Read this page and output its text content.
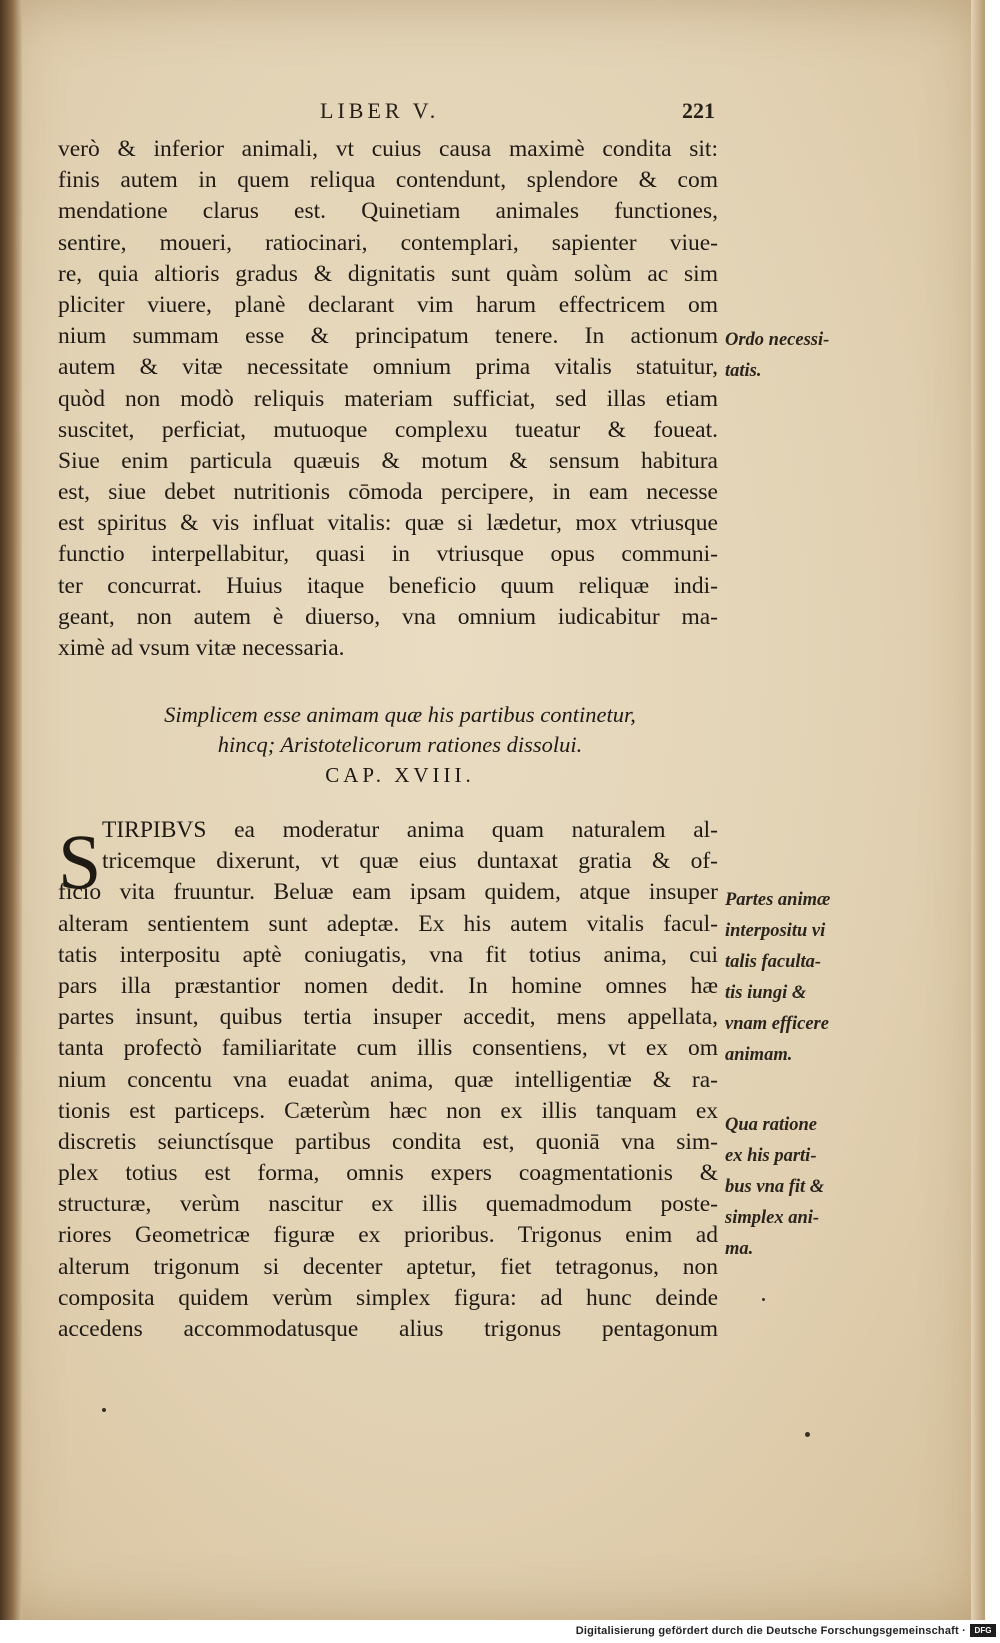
LIBER V.	221
verò & inferior animali, vt cuius causa maximè condita sit:
finis autem in quem reliqua contendunt, splendore & com
mendatione clarus est. Quinetiam animales functiones,
sentire, moueri, ratiocinari, contemplari, sapienter viue-
re, quia altioris gradus & dignitatis sunt quàm solùm ac sim
pliciter viuere, planè declarant vim harum effectricem om
nium summam esse & principatum tenere. In actionum
autem & vitæ necessitate omnium prima vitalis statuitur,
quòd non modò reliquis materiam sufficiat, sed illas etiam
suscitet, perficiat, mutuoque complexu tueatur & foueat.
Siue enim particula quæuis & motum & sensum habitura
est, siue debet nutritionis cōmoda percipere, in eam necesse
est spiritus & vis influat vitalis: quæ si lædetur, mox vtriusque
functio interpellabitur, quasi in vtriusque opus communi-
ter concurrat. Huius itaque beneficio quum reliquæ indi-
geant, non autem è diuerso, vna omnium iudicabitur ma-
ximè ad vsum vitæ necessaria.
Simplicem esse animam quæ his partibus continetur,
hincq; Aristotelicorum rationes dissolui.
CAP. XVIII.
S TIRPIBVS ea moderatur anima quam naturalem al-
tricemque dixerunt, vt quæ eius duntaxat gratia & of-
ficio vita fruuntur. Beluæ eam ipsam quidem, atque insuper
alteram sentientem sunt adeptæ. Ex his autem vitalis facul-
tatis interpositu aptè coniugatis, vna fit totius anima, cui
pars illa præstantior nomen dedit. In homine omnes hæ
partes insunt, quibus tertia insuper accedit, mens appellata,
tanta profectò familiaritate cum illis consentiens, vt ex om
nium concentu vna euadat anima, quæ intelligentiæ & ra-
tionis est particeps. Cæterùm hæc non ex illis tanquam ex
discretis seiunctísque partibus condita est, quoniā vna sim-
plex totius est forma, omnis expers coagmentationis &
structuræ, verùm nascitur ex illis quemadmodum poste-
riores Geometricæ figuræ ex prioribus. Trigonus enim ad
alterum trigonum si decenter aptetur, fiet tetragonus, non
composita quidem verùm simplex figura: ad hunc deinde
accedens accommodatusque alius trigonus pentagonum
Ordo necessi-
tatis.
Partes animæ
interpositu vi
talis faculta-
tis iungi &
vnam efficere
animam.
Qua ratione
ex his parti-
bus vna fit &
simplex ani-
ma.
Digitalisierung gefördert durch die Deutsche Forschungsgemeinschaft ·	DFG
